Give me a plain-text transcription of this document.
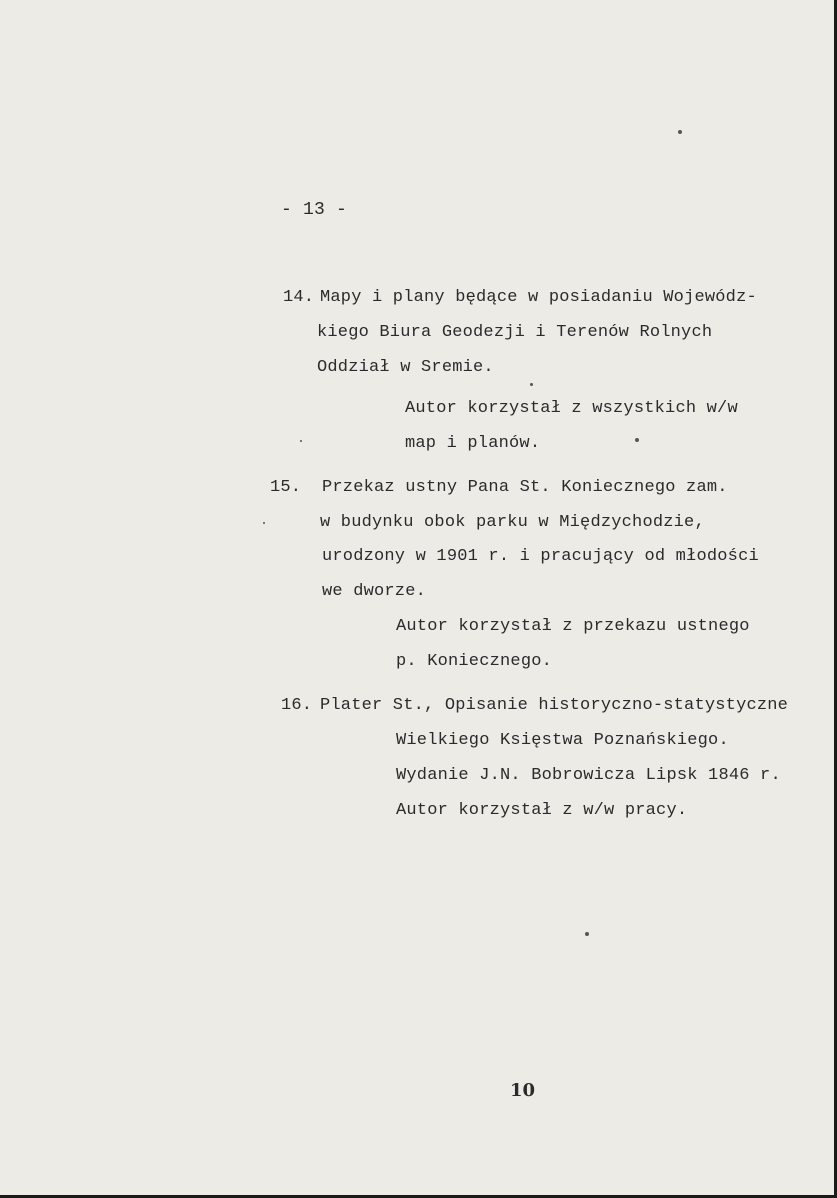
- 13 -
14. Mapy i plany będące w posiadaniu Wojewódz-
kiego Biura Geodezji i Terenów Rolnych
Oddział w Sremie.
Autor korzystał z wszystkich w/w
map i planów.
15. Przekaz ustny Pana St. Koniecznego zam.
w budynku obok parku w Międzychodzie,
urodzony w 1901 r. i pracujący od młodości
we dworze.
Autor korzystał z przekazu ustnego
p. Koniecznego.
16. Plater St., Opisanie historyczno-statystyczne
Wielkiego Księstwa Poznańskiego.
Wydanie J.N. Bobrowicza Lipsk 1846 r.
Autor korzystał z w/w pracy.
10
